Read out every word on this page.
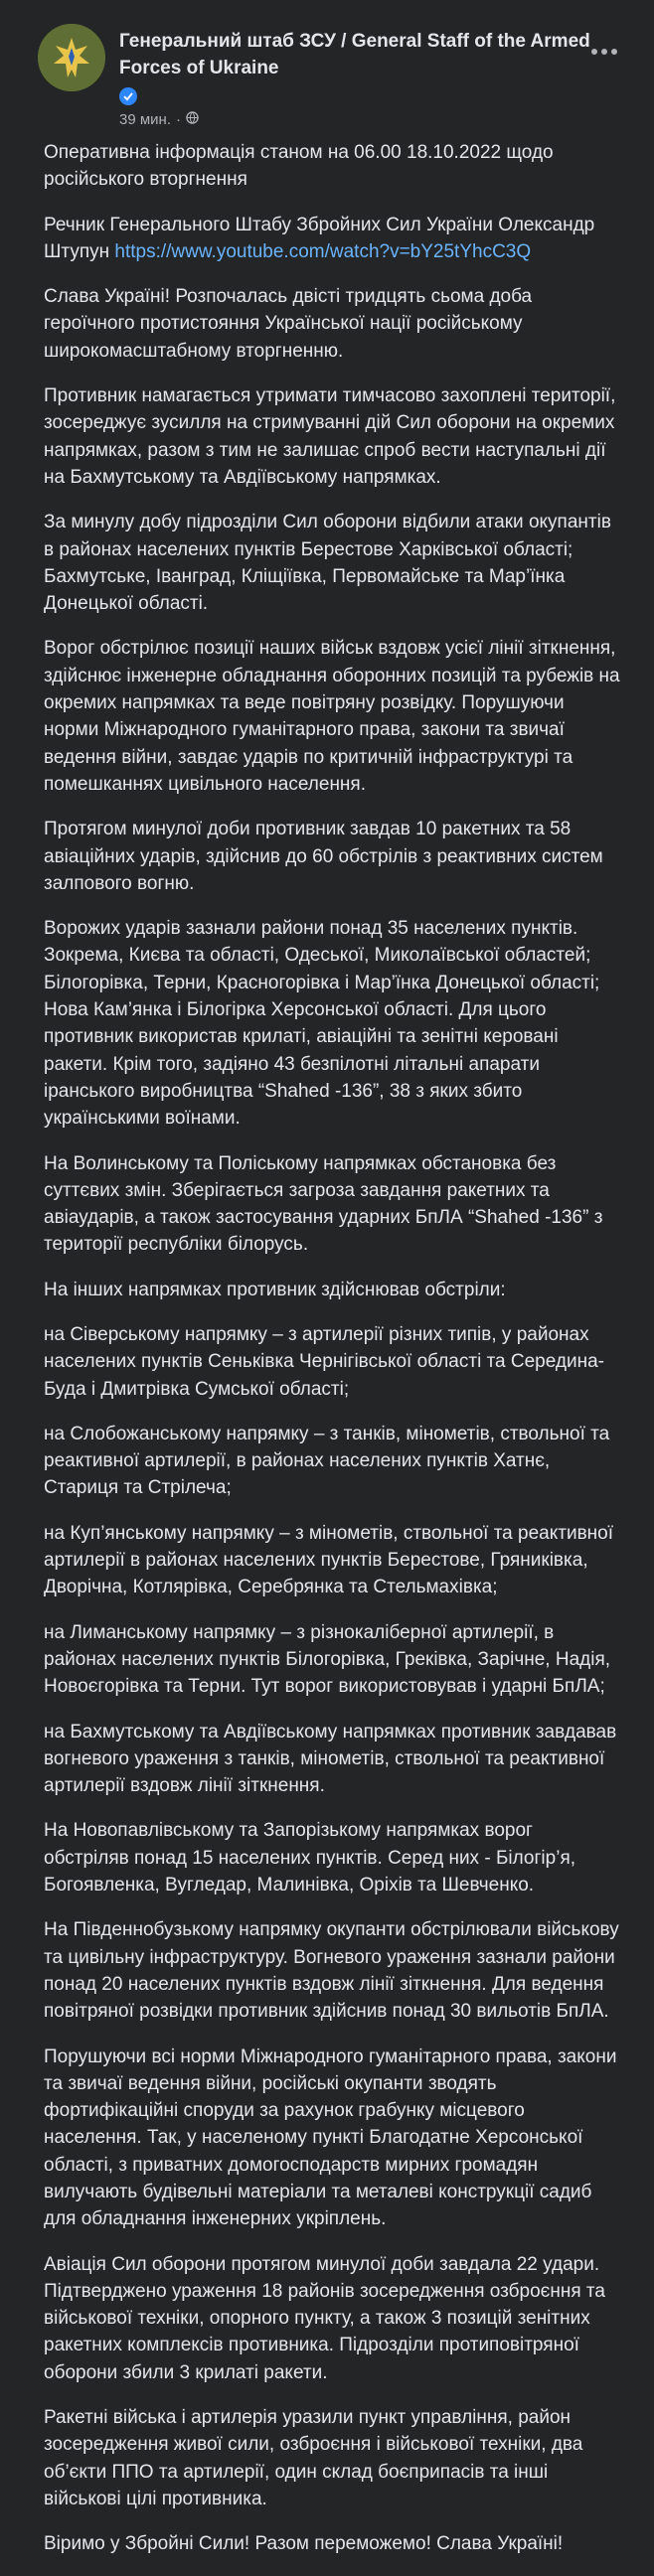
Генеральний штаб ЗСУ / General Staff of the Armed Forces of Ukraine

39 мин. ·

Оперативна інформація станом на 06.00 18.10.2022 щодо російського вторгнення

Речник Генерального Штабу Збройних Сил України Олександр Штупун https://www.youtube.com/watch?v=bY25tYhcC3Q

Слава Україні! Розпочалась двісті тридцять сьома доба героїчного протистояння Української нації російському широкомасштабному вторгненню.

Противник намагається утримати тимчасово захоплені території, зосереджує зусилля на стримуванні дій Сил оборони на окремих напрямках, разом з тим не залишає спроб вести наступальні дії на Бахмутському та Авдіївському напрямках.

За минулу добу підрозділи Сил оборони відбили атаки окупантів в районах населених пунктів Берестове Харківської області; Бахмутське, Іванград, Кліщіївка, Первомайське та Мар’їнка Донецької області.

Ворог обстрілює позиції наших військ вздовж усієї лінії зіткнення, здійснює інженерне обладнання оборонних позицій та рубежів на окремих напрямках та веде повітряну розвідку. Порушуючи норми Міжнародного гуманітарного права, закони та звичаї ведення війни, завдає ударів по критичній інфраструктурі та помешканнях цивільного населення.

Протягом минулої доби противник завдав 10 ракетних та 58 авіаційних ударів, здійснив до 60 обстрілів з реактивних систем залпового вогню.

Ворожих ударів зазнали райони понад 35 населених пунктів. Зокрема, Києва та області, Одеської, Миколаївської областей; Білогорівка, Терни, Красногорівка і Мар’їнка Донецької області; Нова Кам’янка і Білогірка Херсонської області. Для цього противник використав крилаті, авіаційні та зенітні керовані ракети. Крім того, задіяно 43 безпілотні літальні апарати іранського виробництва “Shahed -136”, 38 з яких збито українськими воїнами.

На Волинському та Поліському напрямках обстановка без суттєвих змін. Зберігається загроза завдання ракетних та авіаударів, а також застосування ударних БпЛА “Shahed -136” з території республіки білорусь.

На інших напрямках противник здійснював обстріли:

на Сіверському напрямку – з артилерії різних типів, у районах населених пунктів Сеньківка Чернігівської області та Середина-Буда і Дмитрівка Сумської області;

на Слобожанському напрямку – з танків, мінометів, ствольної та реактивної артилерії, в районах населених пунктів Хатнє, Стариця та Стрілеча;

на Куп’янському напрямку – з мінометів, ствольної та реактивної артилерії в районах населених пунктів Берестове, Гряниківка, Дворічна, Котлярівка, Серебрянка та Стельмахівка;

на Лиманському напрямку – з різнокаліберної артилерії, в районах населених пунктів Білогорівка, Греківка, Зарічне, Надія, Новоєгорівка та Терни. Тут ворог використовував і ударні БпЛА;

на Бахмутському та Авдіївському напрямках противник завдавав вогневого ураження з танків, мінометів, ствольної та реактивної артилерії вздовж лінії зіткнення.

На Новопавлівському та Запорізькому напрямках ворог обстріляв понад 15 населених пунктів. Серед них - Білогір’я, Богоявленка, Вугледар, Малинівка, Оріхів та Шевченко.

На Південнобузькому напрямку окупанти обстрілювали військову та цивільну інфраструктуру. Вогневого ураження зазнали райони понад 20 населених пунктів вздовж лінії зіткнення. Для ведення повітряної розвідки противник здійснив понад 30 вильотів БпЛА.

Порушуючи всі норми Міжнародного гуманітарного права, закони та звичаї ведення війни, російські окупанти зводять фортифікаційні споруди за рахунок грабунку місцевого населення. Так, у населеному пункті Благодатне Херсонської області, з приватних домогосподарств мирних громадян вилучають будівельні матеріали та металеві конструкції садиб для обладнання інженерних укріплень.

Авіація Сил оборони протягом минулої доби завдала 22 удари. Підтверджено ураження 18 районів зосередження озброєння та військової техніки, опорного пункту, а також 3 позицій зенітних ракетних комплексів противника. Підрозділи протиповітряної оборони збили 3 крилаті ракети.

Ракетні війська і артилерія уразили пункт управління, район зосередження живої сили, озброєння і військової техніки, два об’єкти ППО та артилерії, один склад боєприпасів та інші військові цілі противника.

Віримо у Збройні Сили! Разом переможемо! Слава Україні!
